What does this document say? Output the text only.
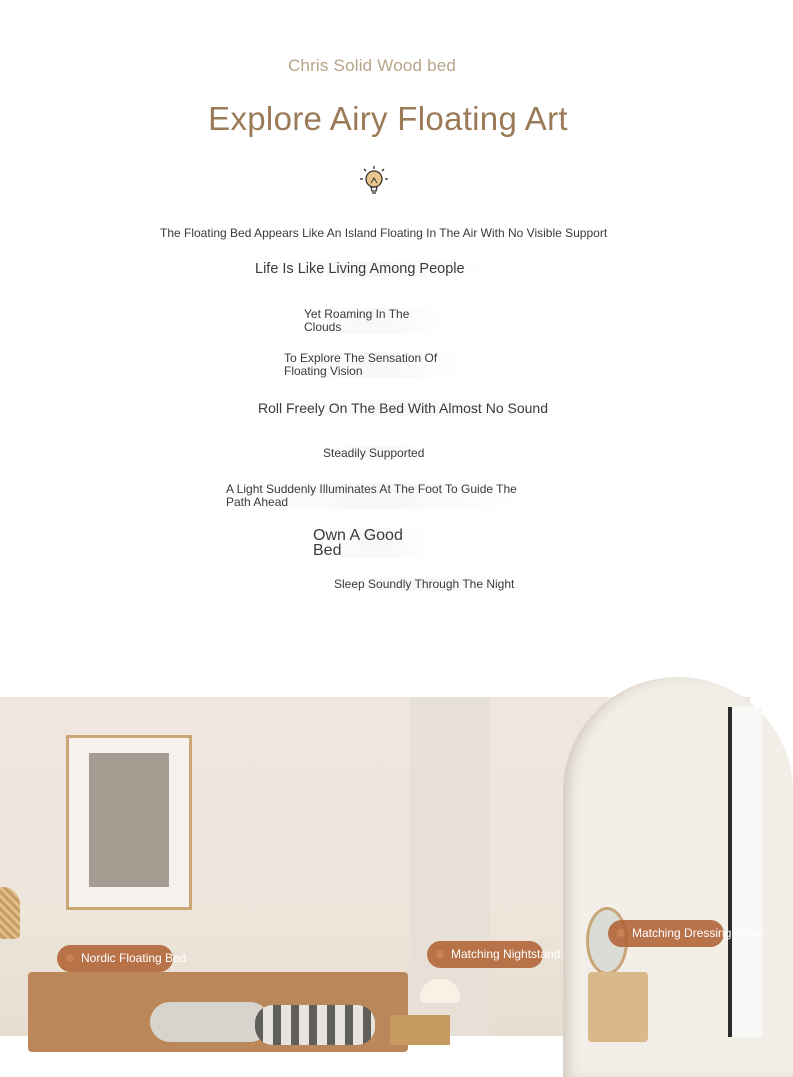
Chris Solid Wood bed
Explore Airy Floating Art
The Floating Bed Appears Like An Island Floating In The Air With No Visible Support
Life Is Like Living Among People
Yet Roaming In The Clouds
To Explore The Sensation Of Floating Vision
Roll Freely On The Bed With Almost No Sound
Steadily Supported
A Light Suddenly Illuminates At The Foot To Guide The Path Ahead
Own A Good Bed
Sleep Soundly Through The Night
Nordic Floating Bed	Matching Nightstand
Matching Dressing Table
